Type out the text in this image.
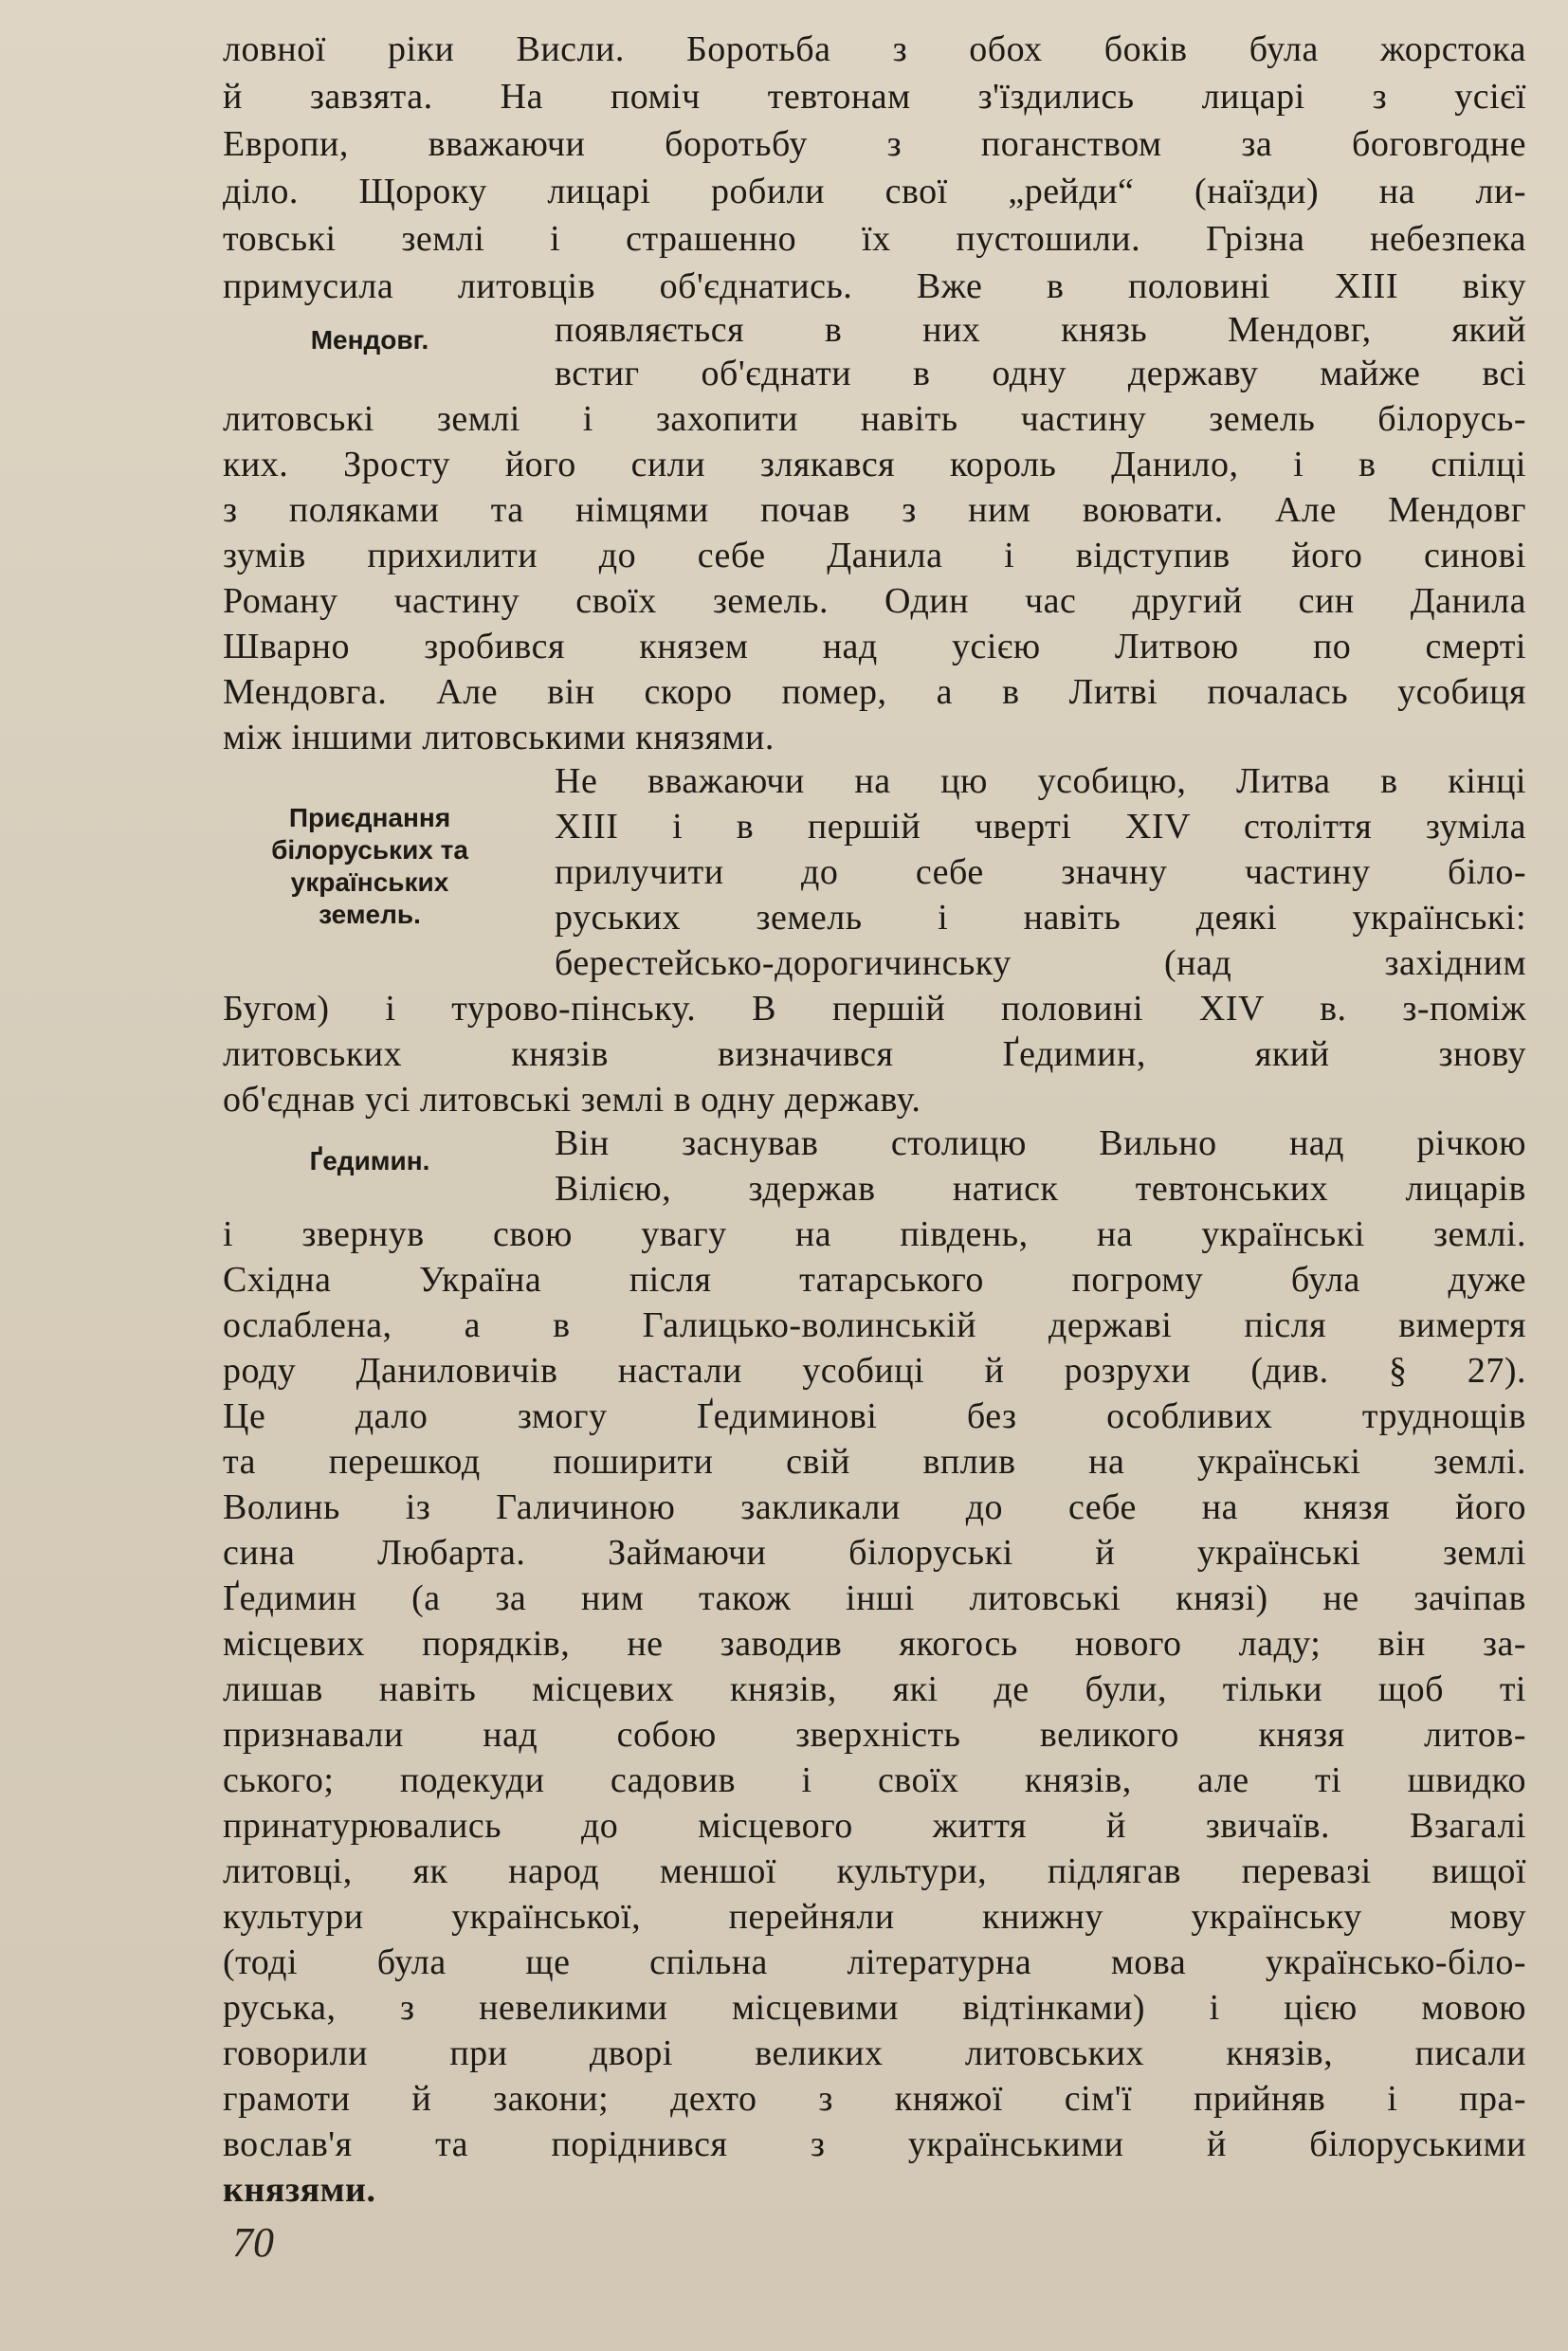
ловної ріки Висли. Боротьба з обох боків була жорстока
й завзята. На поміч тевтонам з'їздились лицарі з усієї
Европи, вважаючи боротьбу з поганством за боговгодне
діло. Щороку лицарі робили свої „рейди“ (наїзди) на ли-
товські землі і страшенно їх пустошили. Грізна небезпека
примусила литовців об'єднатись. Вже в половині XIII віку
появляється в них князь Мендовг, який
встиг об'єднати в одну державу майже всі
литовські землі і захопити навіть частину земель білорусь-
ких. Зросту його сили злякався король Данило, і в спілці
з поляками та німцями почав з ним воювати. Але Мендовг
зумів прихилити до себе Данила і відступив його синові
Роману частину своїх земель. Один час другий син Данила
Шварно зробився князем над усією Литвою по смерті
Мендовга. Але він скоро помер, а в Литві почалась усобиця
між іншими литовськими князями.
Не вважаючи на цю усобицю, Литва в кінці
XIII і в першій чверті XIV століття зуміла
прилучити до себе значну частину біло-
руських земель і навіть деякі українські:
берестейсько-дорогичинську (над західним
Бугом) і турово-пінську. В першій половині XIV в. з-поміж
литовських князів визначився Ґедимин, який знову
об'єднав усі литовські землі в одну державу.
Він заснував столицю Вильно над річкою
Вілією, здержав натиск тевтонських лицарів
і звернув свою увагу на південь, на українські землі.
Східна Україна після татарського погрому була дуже
ослаблена, а в Галицько-волинській державі після вимертя
роду Даниловичів настали усобиці й розрухи (див. § 27).
Це дало змогу Ґедиминові без особливих труднощів
та перешкод поширити свій вплив на українські землі.
Волинь із Галичиною закликали до себе на князя його
сина Любарта. Займаючи білоруські й українські землі
Ґедимин (а за ним також інші литовські князі) не зачіпав
місцевих порядків, не заводив якогось нового ладу; він за-
лишав навіть місцевих князів, які де були, тільки щоб ті
признавали над собою зверхність великого князя литов-
ського; подекуди садовив і своїх князів, але ті швидко
принатурювались до місцевого життя й звичаїв. Взагалі
литовці, як народ меншої культури, підлягав перевазі вищої
культури української, перейняли книжну українську мову
(тоді була ще спільна літературна мова українсько-біло-
руська, з невеликими місцевими відтінками) і цією мовою
говорили при дворі великих литовських князів, писали
грамоти й закони; дехто з княжої сім'ї прийняв і пра-
вослав'я та поріднився з українськими й білоруськими
князями.
Мендовг.
Приєднання
білоруських та
українських
земель.
Ґедимин.
70
